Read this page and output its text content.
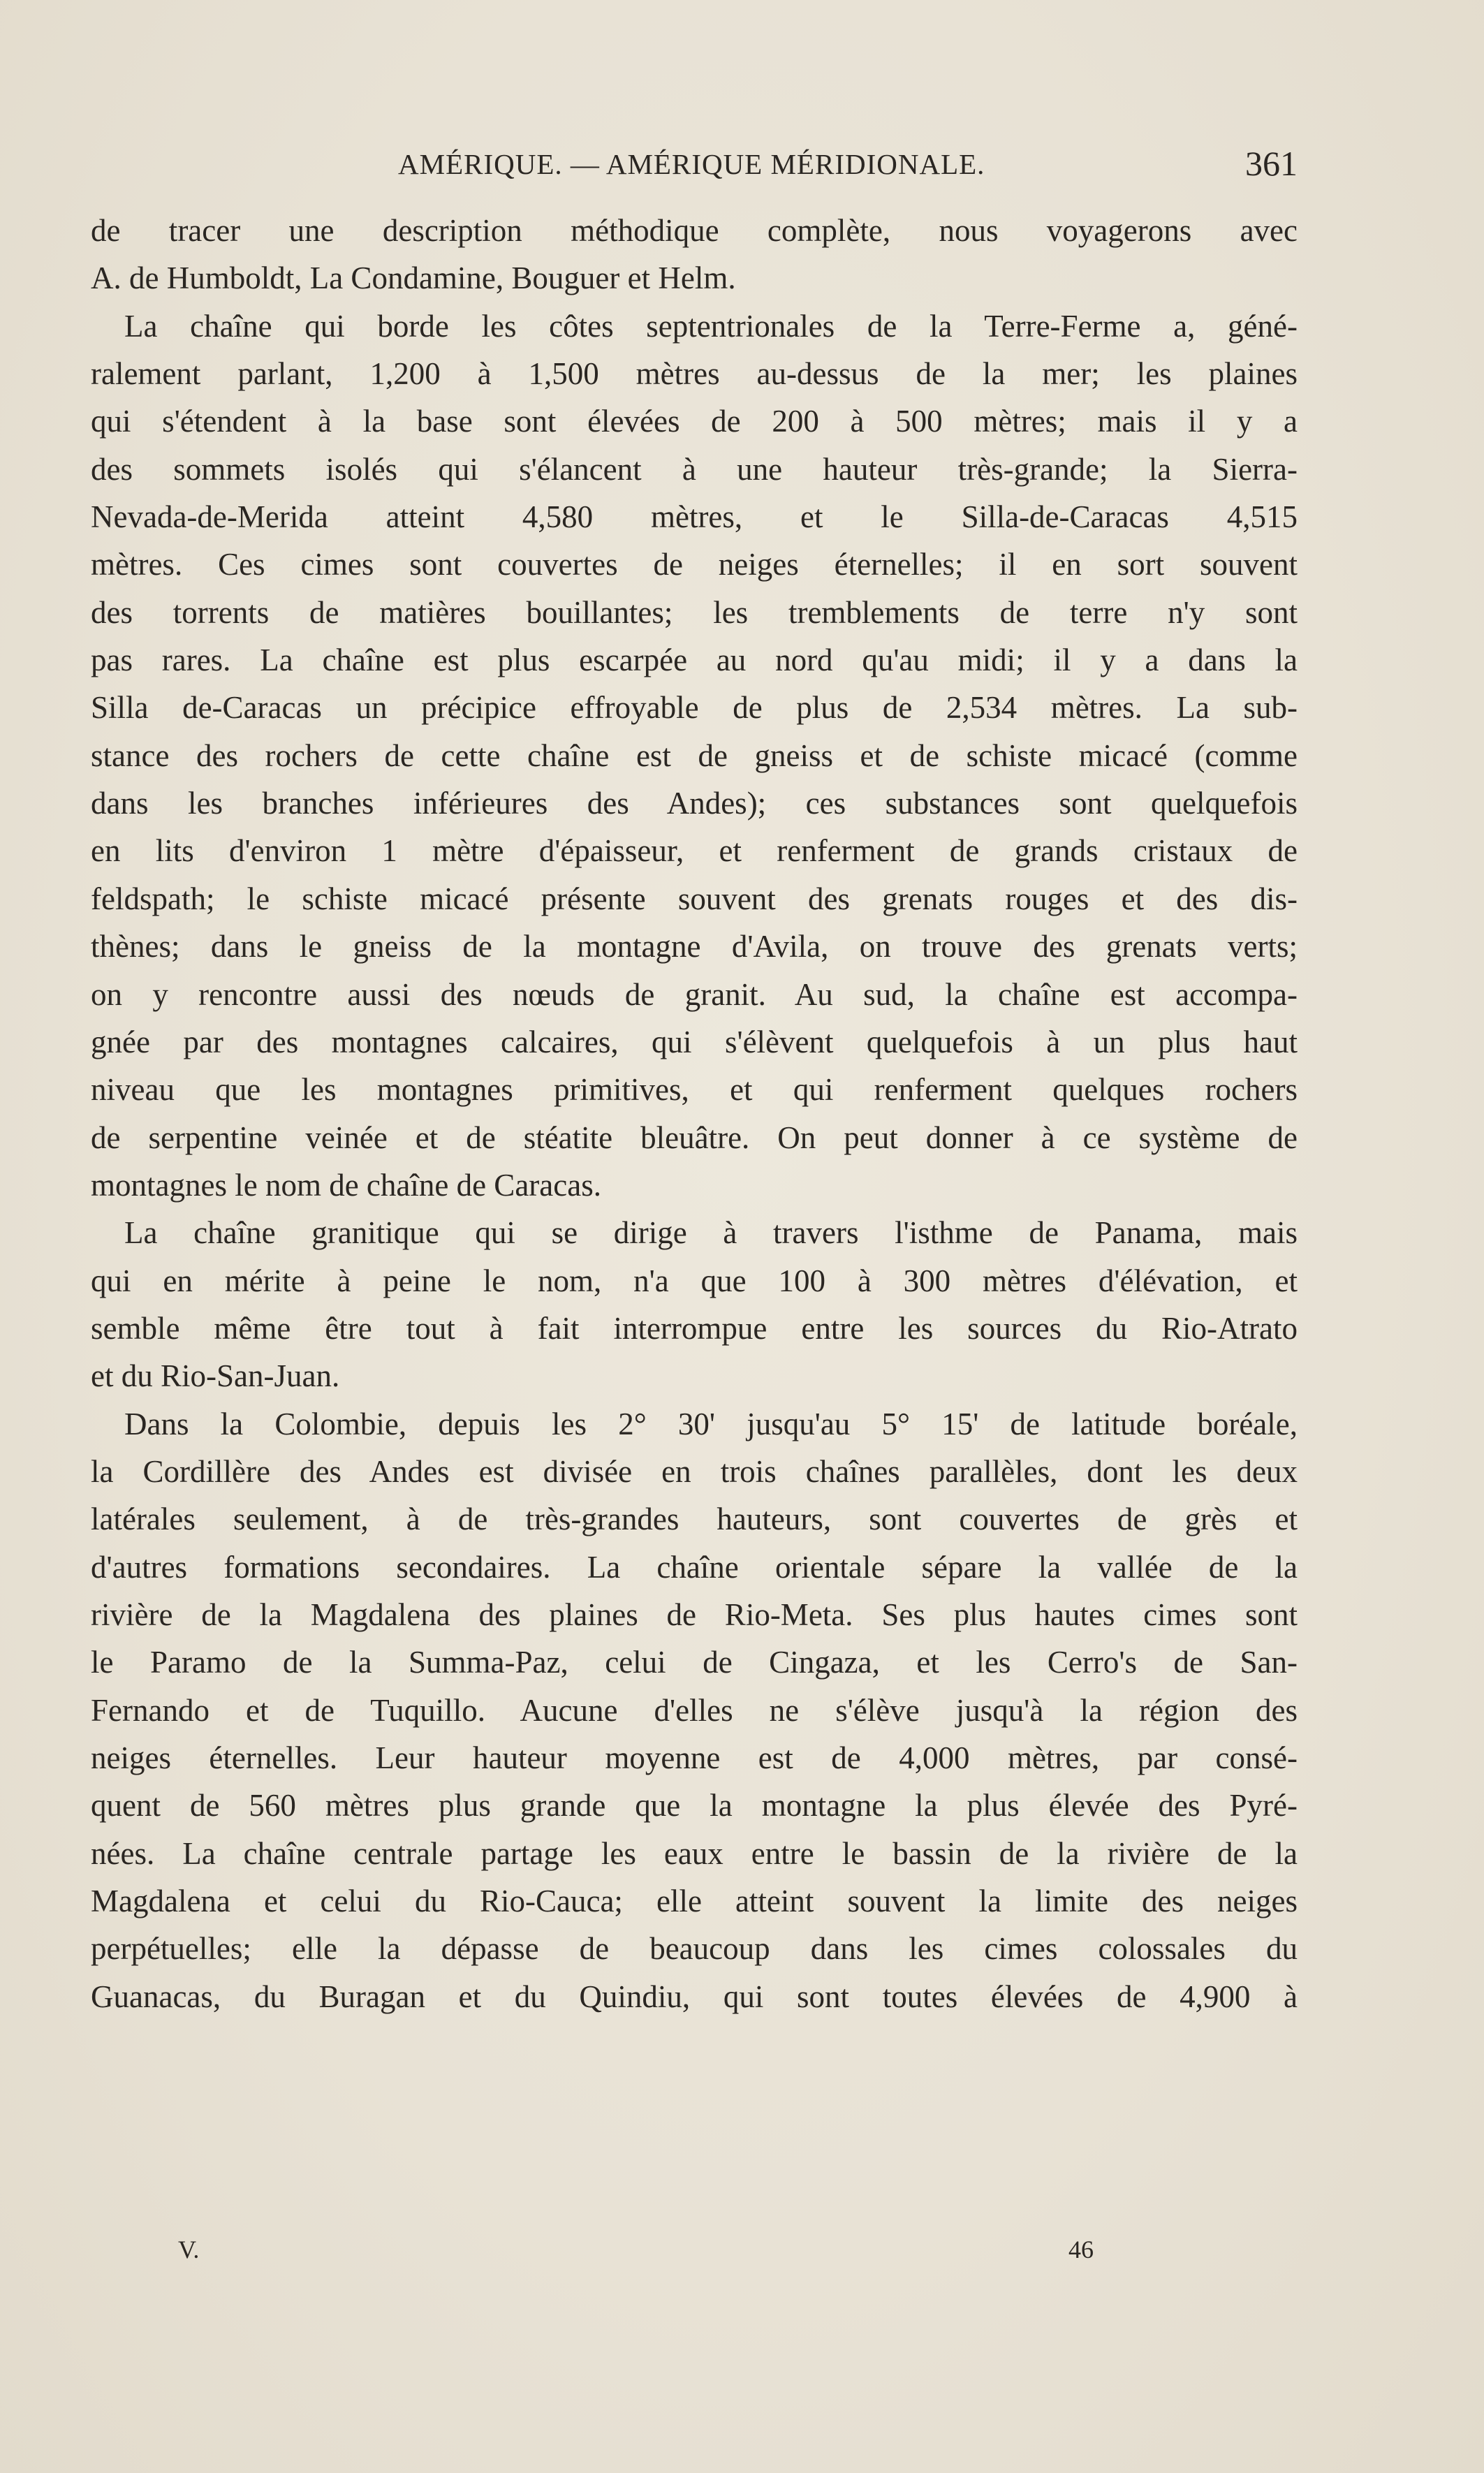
AMÉRIQUE. — AMÉRIQUE MÉRIDIONALE.	361
de tracer une description méthodique complète, nous voyagerons avec
A. de Humboldt, La Condamine, Bouguer et Helm.
La chaîne qui borde les côtes septentrionales de la Terre-Ferme a, géné-
ralement parlant, 1,200 à 1,500 mètres au-dessus de la mer; les plaines
qui s'étendent à la base sont élevées de 200 à 500 mètres; mais il y a
des sommets isolés qui s'élancent à une hauteur très-grande; la Sierra-
Nevada-de-Merida atteint 4,580 mètres, et le Silla-de-Caracas 4,515
mètres. Ces cimes sont couvertes de neiges éternelles; il en sort souvent
des torrents de matières bouillantes; les tremblements de terre n'y sont
pas rares. La chaîne est plus escarpée au nord qu'au midi; il y a dans la
Silla de-Caracas un précipice effroyable de plus de 2,534 mètres. La sub-
stance des rochers de cette chaîne est de gneiss et de schiste micacé (comme
dans les branches inférieures des Andes); ces substances sont quelquefois
en lits d'environ 1 mètre d'épaisseur, et renferment de grands cristaux de
feldspath; le schiste micacé présente souvent des grenats rouges et des dis-
thènes; dans le gneiss de la montagne d'Avila, on trouve des grenats verts;
on y rencontre aussi des nœuds de granit. Au sud, la chaîne est accompa-
gnée par des montagnes calcaires, qui s'élèvent quelquefois à un plus haut
niveau que les montagnes primitives, et qui renferment quelques rochers
de serpentine veinée et de stéatite bleuâtre. On peut donner à ce système de
montagnes le nom de chaîne de Caracas.
La chaîne granitique qui se dirige à travers l'isthme de Panama, mais
qui en mérite à peine le nom, n'a que 100 à 300 mètres d'élévation, et
semble même être tout à fait interrompue entre les sources du Rio-Atrato
et du Rio-San-Juan.
Dans la Colombie, depuis les 2° 30' jusqu'au 5° 15' de latitude boréale,
la Cordillère des Andes est divisée en trois chaînes parallèles, dont les deux
latérales seulement, à de très-grandes hauteurs, sont couvertes de grès et
d'autres formations secondaires. La chaîne orientale sépare la vallée de la
rivière de la Magdalena des plaines de Rio-Meta. Ses plus hautes cimes sont
le Paramo de la Summa-Paz, celui de Cingaza, et les Cerro's de San-
Fernando et de Tuquillo. Aucune d'elles ne s'élève jusqu'à la région des
neiges éternelles. Leur hauteur moyenne est de 4,000 mètres, par consé-
quent de 560 mètres plus grande que la montagne la plus élevée des Pyré-
nées. La chaîne centrale partage les eaux entre le bassin de la rivière de la
Magdalena et celui du Rio-Cauca; elle atteint souvent la limite des neiges
perpétuelles; elle la dépasse de beaucoup dans les cimes colossales du
Guanacas, du Buragan et du Quindiu, qui sont toutes élevées de 4,900 à
V.	46
